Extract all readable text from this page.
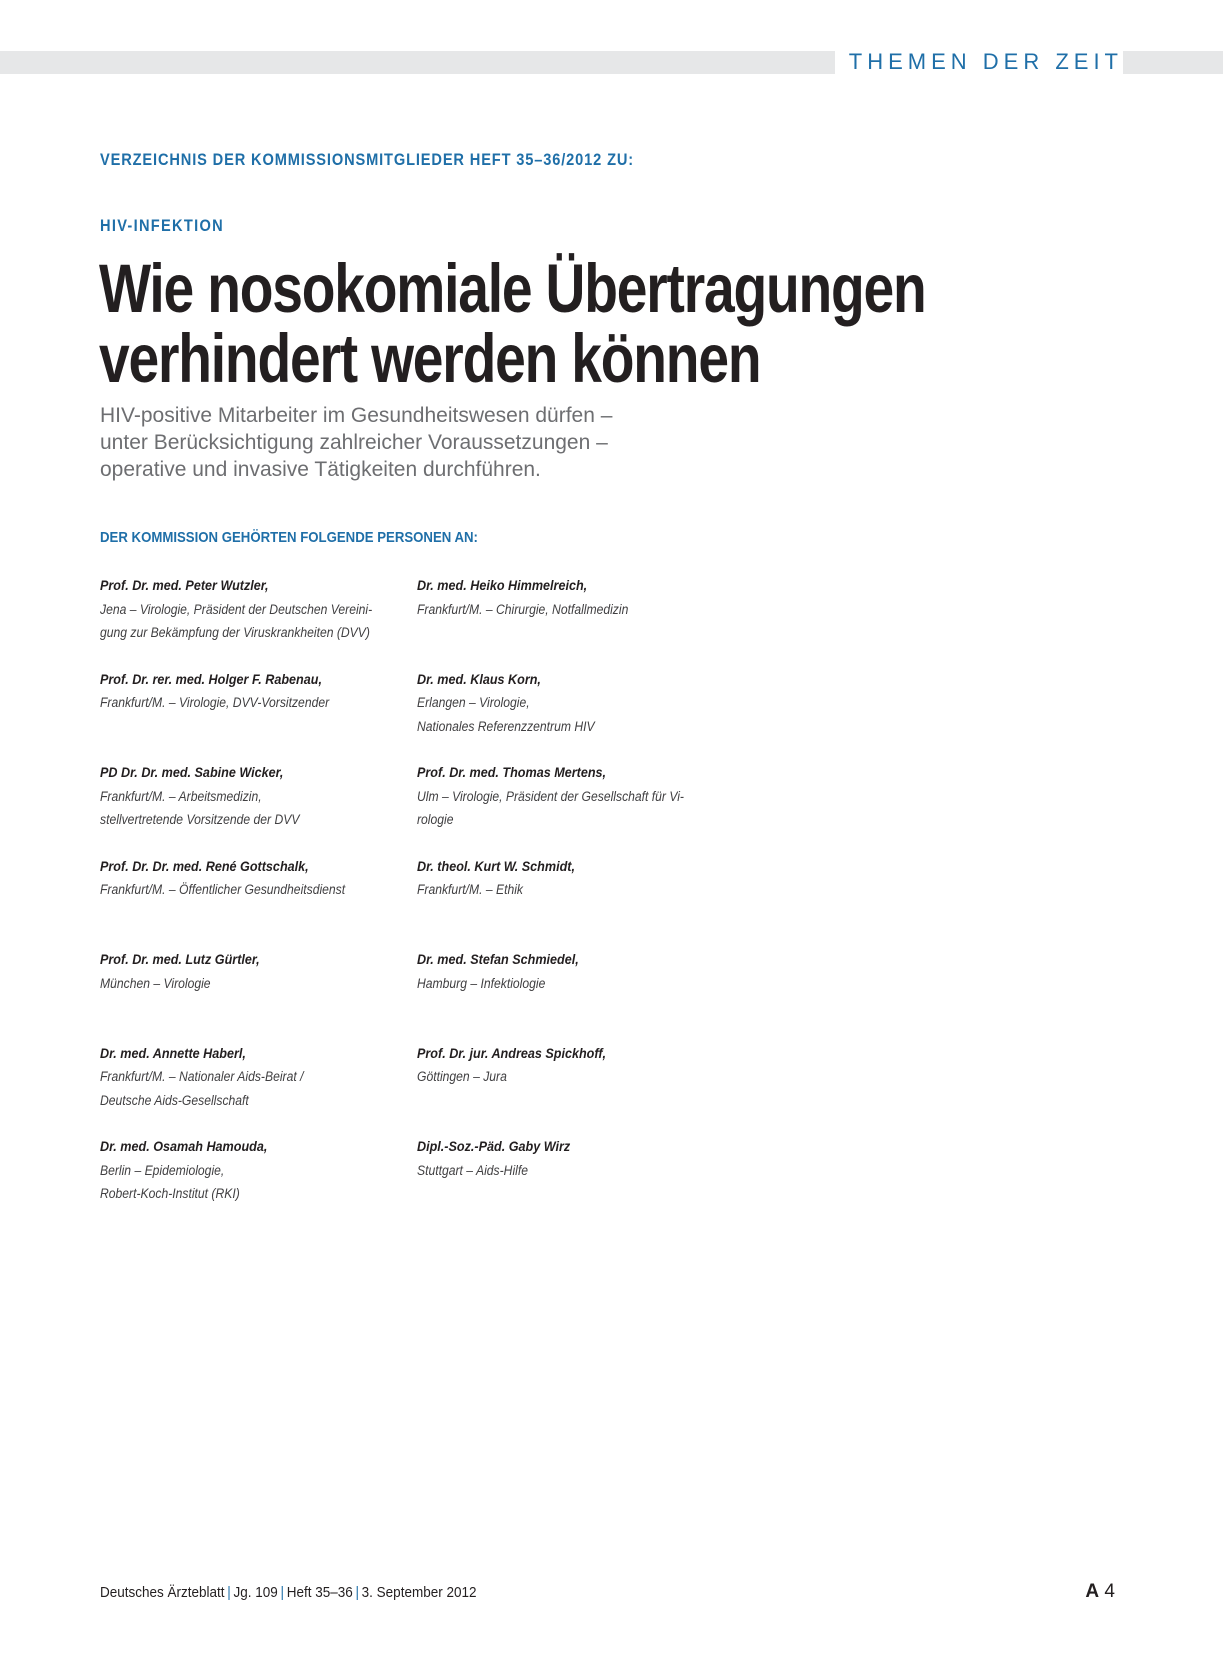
THEMEN DER ZEIT
VERZEICHNIS DER KOMMISSIONSMITGLIEDER HEFT 35–36/2012 ZU:
HIV-INFEKTION
Wie nosokomiale Übertragungen
verhindert werden können

HIV-positive Mitarbeiter im Gesundheitswesen dürfen –
unter Berücksichtigung zahlreicher Voraussetzungen –
operative und invasive Tätigkeiten durchführen.

DER KOMMISSION GEHÖRTEN FOLGENDE PERSONEN AN:
Prof. Dr. med. Peter Wutzler,
Jena – Virologie, Präsident der Deutschen Vereini-
gung zur Bekämpfung der Viruskrankheiten (DVV)
Prof. Dr. rer. med. Holger F. Rabenau,
Frankfurt/M. – Virologie, DVV-Vorsitzender
PD Dr. Dr. med. Sabine Wicker,
Frankfurt/M. – Arbeitsmedizin,
stellvertretende Vorsitzende der DVV
Prof. Dr. Dr. med. René Gottschalk,
Frankfurt/M. – Öffentlicher Gesundheitsdienst
Prof. Dr. med. Lutz Gürtler,
München – Virologie
Dr. med. Annette Haberl,
Frankfurt/M. – Nationaler Aids-Beirat /
Deutsche Aids-Gesellschaft
Dr. med. Osamah Hamouda,
Berlin – Epidemiologie,
Robert-Koch-Institut (RKI)
Dr. med. Heiko Himmelreich,
Frankfurt/M. – Chirurgie, Notfallmedizin
Dr. med. Klaus Korn,
Erlangen – Virologie,
Nationales Referenzzentrum HIV
Prof. Dr. med. Thomas Mertens,
Ulm – Virologie, Präsident der Gesellschaft für Vi-
rologie
Dr. theol. Kurt W. Schmidt,
Frankfurt/M. – Ethik
Dr. med. Stefan Schmiedel,
Hamburg – Infektiologie
Prof. Dr. jur. Andreas Spickhoff,
Göttingen – Jura
Dipl.-Soz.-Päd. Gaby Wirz
Stuttgart – Aids-Hilfe
Deutsches Ärzteblatt | Jg. 109 | Heft 35–36 | 3. September 2012	A 4
